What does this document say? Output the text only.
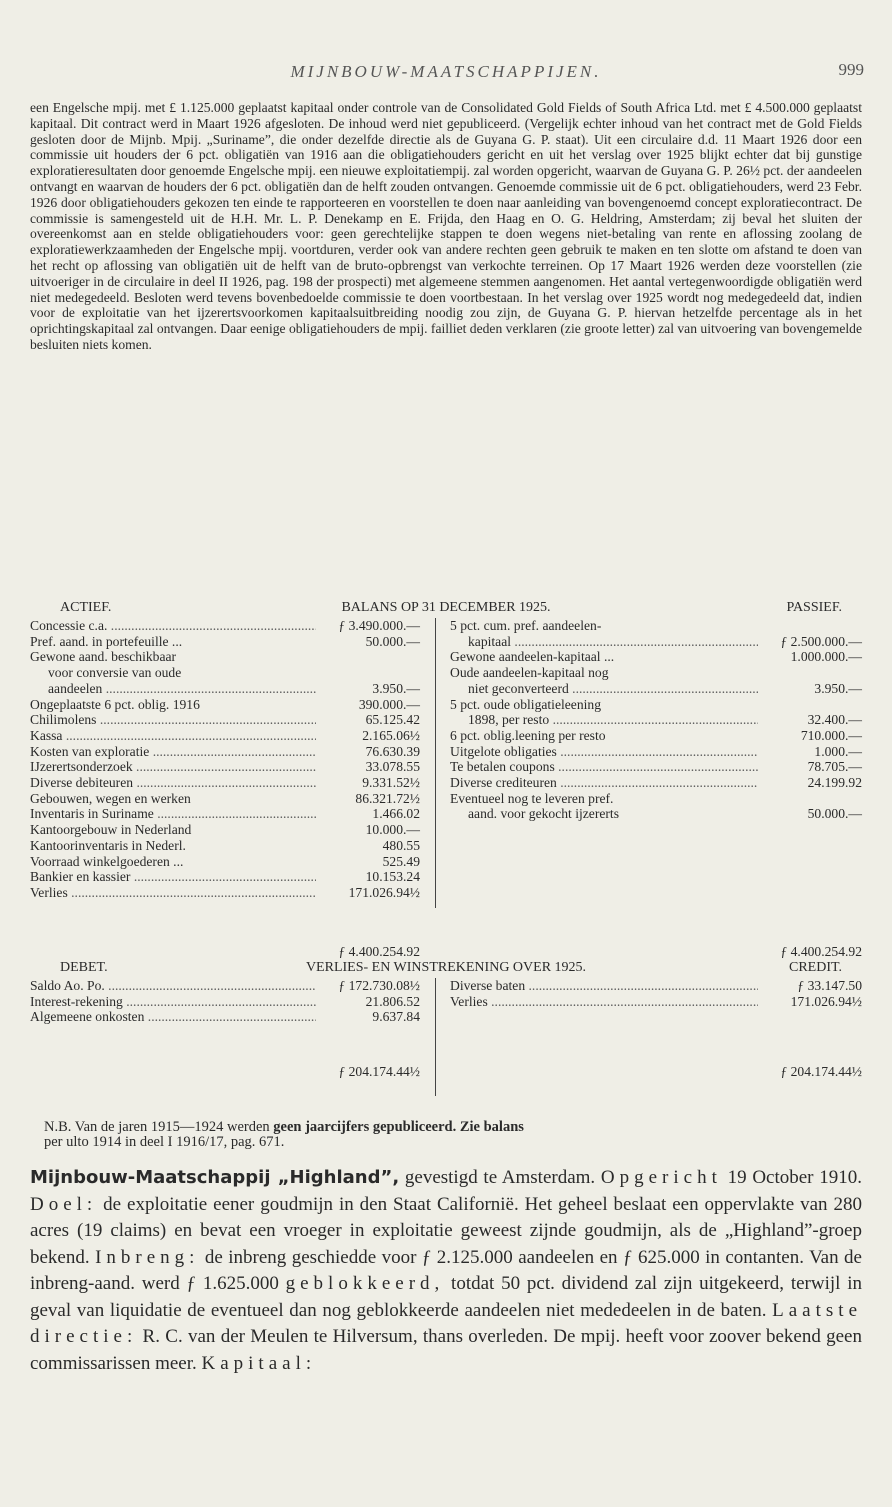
MIJNBOUW-MAATSCHAPPIJEN.	999

een Engelsche mpij. met £ 1.125.000 geplaatst kapitaal onder controle van de Consolidated Gold Fields of South Africa Ltd. met £ 4.500.000 geplaatst kapitaal. Dit contract werd in Maart 1926 afgesloten. De inhoud werd niet gepubliceerd. (Vergelijk echter inhoud van het contract met de Gold Fields gesloten door de Mijnb. Mpij. „Suriname”, die onder dezelfde directie als de Guyana G. P. staat). Uit een circulaire d.d. 11 Maart 1926 door een commissie uit houders der 6 pct. obligatiën van 1916 aan die obligatiehouders gericht en uit het verslag over 1925 blijkt echter dat bij gunstige exploratieresultaten door genoemde Engelsche mpij. een nieuwe exploitatiempij. zal worden opgericht, waarvan de Guyana G. P. 26½ pct. der aandeelen ontvangt en waarvan de houders der 6 pct. obligatiën dan de helft zouden ontvangen. Genoemde commissie uit de 6 pct. obligatiehouders, werd 23 Febr. 1926 door obligatiehouders gekozen ten einde te rapporteeren en voorstellen te doen naar aanleiding van bovengenoemd concept exploratiecontract. De commissie is samengesteld uit de H.H. Mr. L. P. Denekamp en E. Frijda, den Haag en O. G. Heldring, Amsterdam; zij beval het sluiten der overeenkomst aan en stelde obligatiehouders voor: geen gerechtelijke stappen te doen wegens niet-betaling van rente en aflossing zoolang de exploratiewerkzaamheden der Engelsche mpij. voortduren, verder ook van andere rechten geen gebruik te maken en ten slotte om afstand te doen van het recht op aflossing van obligatiën uit de helft van de bruto-opbrengst van verkochte terreinen. Op 17 Maart 1926 werden deze voorstellen (zie uitvoeriger in de circulaire in deel II 1926, pag. 198 der prospecti) met algemeene stemmen aangenomen. Het aantal vertegenwoordigde obligatiën werd niet medegedeeld. Besloten werd tevens bovenbedoelde commissie te doen voortbestaan. In het verslag over 1925 wordt nog medegedeeld dat, indien voor de exploitatie van het ijzerertsvoorkomen kapitaalsuitbreiding noodig zou zijn, de Guyana G. P. hiervan hetzelfde percentage als in het oprichtingskapitaal zal ontvangen. Daar eenige obligatiehouders de mpij. failliet deden verklaren (zie groote letter) zal van uitvoering van bovengemelde besluiten niets komen.

ACTIEF.	BALANS OP 31 DECEMBER 1925.	PASSIEF.
Concessie c.a. .....	ƒ 3.490.000.—
Pref. aand. in portefeuille ...	50.000.—
Gewone aand. beschikbaar
voor conversie van oude
aandeelen .....	3.950.—
Ongeplaatste 6 pct. oblig. 1916	390.000.—
Chilimolens .....	65.125.42
Kassa .....	2.165.06½
Kosten van exploratie .....	76.630.39
IJzerertsonderzoek .....	33.078.55
Diverse debiteuren .....	9.331.52½
Gebouwen, wegen en werken	86.321.72½
Inventaris in Suriname .....	1.466.02
Kantoorgebouw in Nederland	10.000.—
Kantoorinventaris in Nederl.	480.55
Voorraad winkelgoederen ...	525.49
Bankier en kassier .....	10.153.24
Verlies .....	171.026.94½
5 pct. cum. pref. aandeelen-
kapitaal .....	ƒ 2.500.000.—
Gewone aandeelen-kapitaal ...	1.000.000.—
Oude aandeelen-kapitaal nog
niet geconverteerd .....	3.950.—
5 pct. oude obligatieleening
1898, per resto .....	32.400.—
6 pct. oblig.leening per resto	710.000.—
Uitgelote obligaties .....	1.000.—
Te betalen coupons .....	78.705.—
Diverse crediteuren .....	24.199.92
Eventueel nog te leveren pref.
aand. voor gekocht ijzererts	50.000.—
ƒ 4.400.254.92	ƒ 4.400.254.92
DEBET.	VERLIES- EN WINSTREKENING OVER 1925.	CREDIT.
Saldo Ao. Po. .....	ƒ 172.730.08½
Interest-rekening .....	21.806.52
Algemeene onkosten .....	9.637.84
Diverse baten .....	ƒ 33.147.50
Verlies .....	171.026.94½
ƒ 204.174.44½	ƒ 204.174.44½
N.B. Van de jaren 1915—1924 werden geen jaarcijfers gepubliceerd. Zie balans
per ulto 1914 in deel I 1916/17, pag. 671.
Mijnbouw-Maatschappij „Highland”, gevestigd te Amsterdam. Opgericht 19 October 1910. Doel: de exploitatie eener goudmijn in den Staat Californië. Het geheel beslaat een oppervlakte van 280 acres (19 claims) en bevat een vroeger in exploitatie geweest zijnde goudmijn, als de „Highland”-groep bekend. Inbreng: de inbreng geschiedde voor ƒ 2.125.000 aandeelen en ƒ 625.000 in contanten. Van de inbreng-aand. werd ƒ 1.625.000 geblokkeerd, totdat 50 pct. dividend zal zijn uitgekeerd, terwijl in geval van liquidatie de eventueel dan nog geblokkeerde aandeelen niet mededeelen in de baten. Laatste directie: R. C. van der Meulen te Hilversum, thans overleden. De mpij. heeft voor zoover bekend geen commissarissen meer. Kapitaal:
